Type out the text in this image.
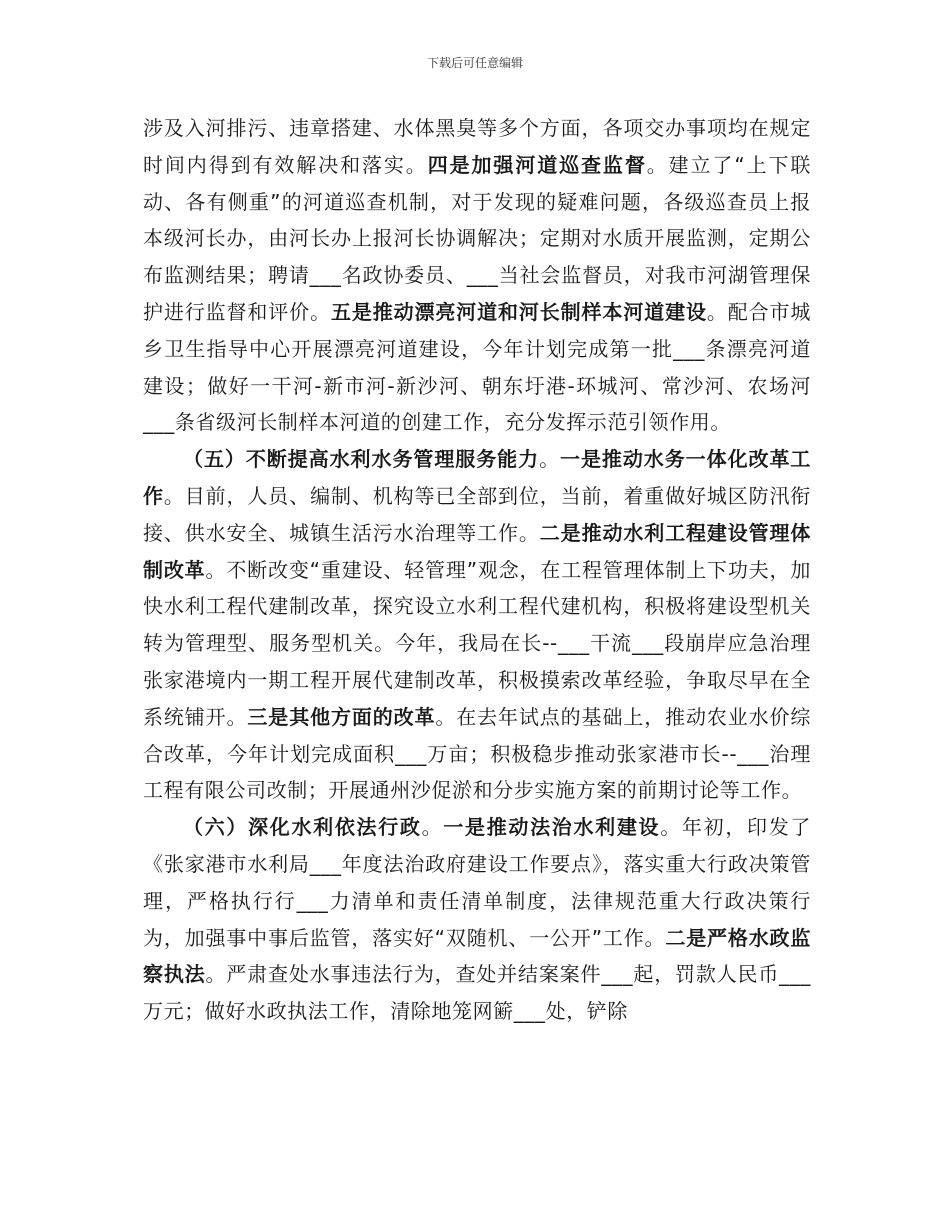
下载后可任意编辑

涉及入河排污、违章搭建、水体黑臭等多个方面，各项交办事项均在规定时间内得到有效解决和落实。四是加强河道巡查监督。建立了“上下联动、各有侧重”的河道巡查机制，对于发现的疑难问题，各级巡查员上报本级河长办，由河长办上报河长协调解决；定期对水质开展监测，定期公布监测结果；聘请___名政协委员、___当社会监督员，对我市河湖管理保护进行监督和评价。五是推动漂亮河道和河长制样本河道建设。配合市城乡卫生指导中心开展漂亮河道建设，今年计划完成第一批___条漂亮河道建设；做好一干河-新市河-新沙河、朝东圩港-环城河、常沙河、农场河___条省级河长制样本河道的创建工作，充分发挥示范引领作用。

（五）不断提高水利水务管理服务能力。一是推动水务一体化改革工作。目前，人员、编制、机构等已全部到位，当前，着重做好城区防汛衔接、供水安全、城镇生活污水治理等工作。二是推动水利工程建设管理体制改革。不断改变“重建设、轻管理”观念，在工程管理体制上下功夫，加快水利工程代建制改革，探究设立水利工程代建机构，积极将建设型机关转为管理型、服务型机关。今年，我局在长--___干流___段崩岸应急治理张家港境内一期工程开展代建制改革，积极摸索改革经验，争取尽早在全系统铺开。三是其他方面的改革。在去年试点的基础上，推动农业水价综合改革，今年计划完成面积___万亩；积极稳步推动张家港市长--___治理工程有限公司改制；开展通州沙促淤和分步实施方案的前期讨论等工作。

（六）深化水利依法行政。一是推动法治水利建设。年初，印发了《张家港市水利局___年度法治政府建设工作要点》，落实重大行政决策管理，严格执行行___力清单和责任清单制度，法律规范重大行政决策行为，加强事中事后监管，落实好“双随机、一公开”工作。二是严格水政监察执法。严肃查处水事违法行为，查处并结案案件___起，罚款人民币___万元；做好水政执法工作，清除地笼网簖___处，铲除
